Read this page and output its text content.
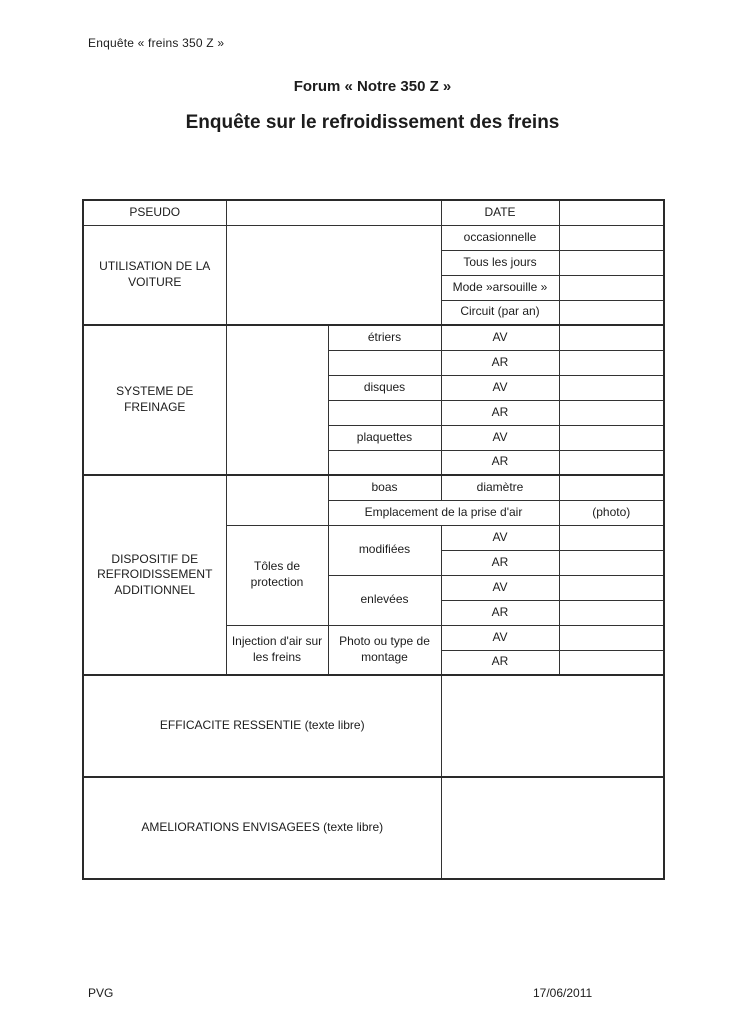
Enquête « freins 350 Z »
Forum « Notre 350 Z »
Enquête sur le refroidissement des freins
PSEUDO			DATE	
UTILISATION DE LA VOITURE			occasionnelle	
			Tous les jours	
			Mode »arsouille »	
			Circuit (par an)	
SYSTEME DE FREINAGE		étriers	AV	
			AR	
		disques	AV	
			AR	
		plaquettes	AV	
			AR	
DISPOSITIF DE REFROIDISSEMENT ADDITIONNEL		boas	diamètre	
		Emplacement de la prise d'air		(photo)
	Tôles de protection	modifiées	AV	
			AR	
		enlevées	AV	
			AR	
	Injection d'air sur les freins	Photo ou type de montage	AV	
			AR	
EFFICACITE RESSENTIE (texte libre)				
AMELIORATIONS ENVISAGEES (texte libre)				
PVG	17/06/2011
